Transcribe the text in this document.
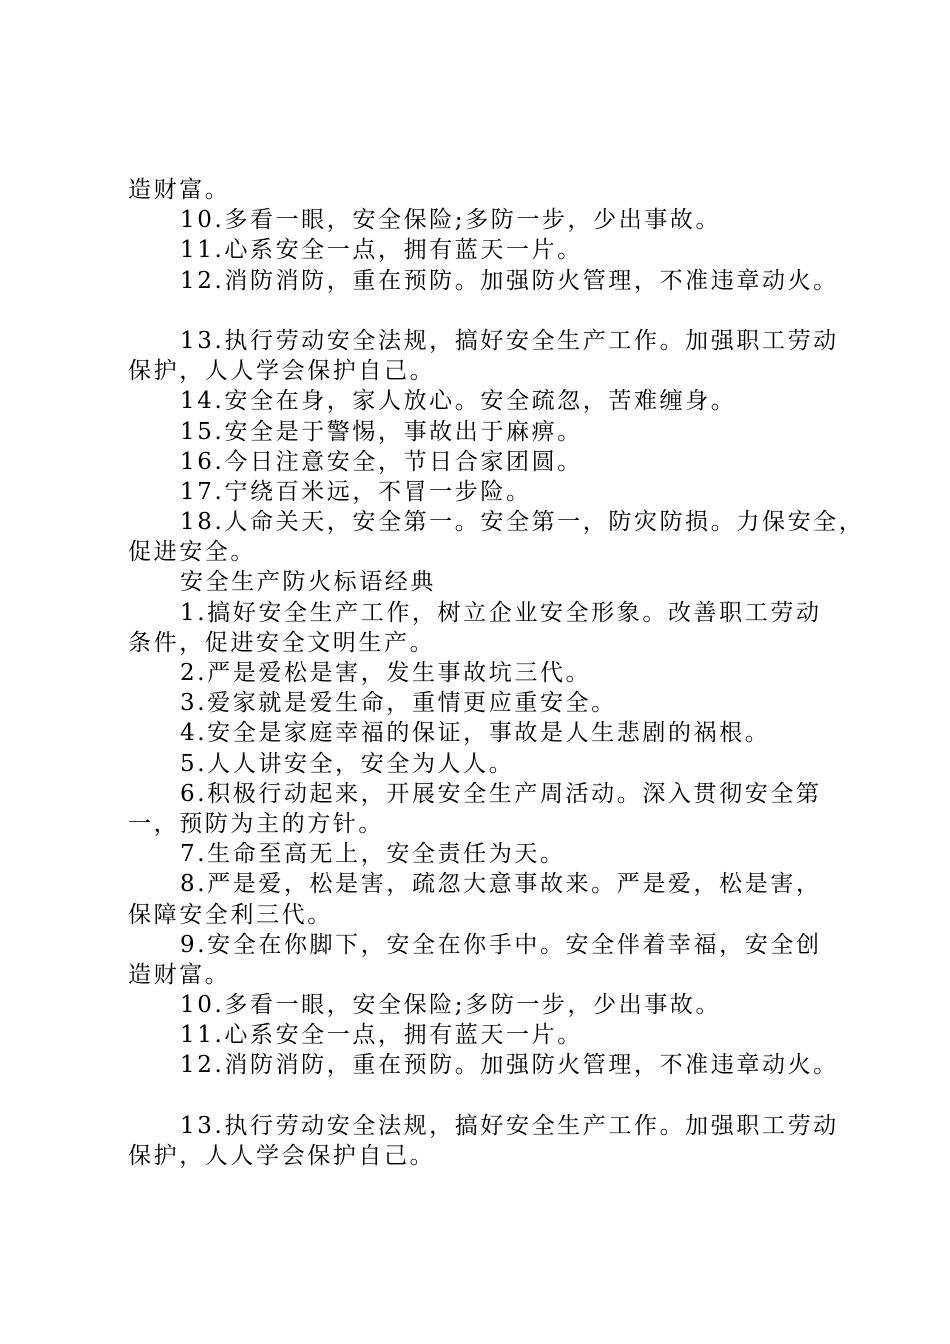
造财富。
10.多看一眼，安全保险;多防一步，少出事故。
11.心系安全一点，拥有蓝天一片。
12.消防消防，重在预防。加强防火管理，不准违章动火。
13.执行劳动安全法规，搞好安全生产工作。加强职工劳动
保护，人人学会保护自己。
14.安全在身，家人放心。安全疏忽，苦难缠身。
15.安全是于警惕，事故出于麻痹。
16.今日注意安全，节日合家团圆。
17.宁绕百米远，不冒一步险。
18.人命关天，安全第一。安全第一，防灾防损。力保安全，
促进安全。
安全生产防火标语经典
1.搞好安全生产工作，树立企业安全形象。改善职工劳动
条件，促进安全文明生产。
2.严是爱松是害，发生事故坑三代。
3.爱家就是爱生命，重情更应重安全。
4.安全是家庭幸福的保证，事故是人生悲剧的祸根。
5.人人讲安全，安全为人人。
6.积极行动起来，开展安全生产周活动。深入贯彻安全第
一，预防为主的方针。
7.生命至高无上，安全责任为天。
8.严是爱，松是害，疏忽大意事故来。严是爱，松是害，
保障安全利三代。
9.安全在你脚下，安全在你手中。安全伴着幸福，安全创
造财富。
10.多看一眼，安全保险;多防一步，少出事故。
11.心系安全一点，拥有蓝天一片。
12.消防消防，重在预防。加强防火管理，不准违章动火。
13.执行劳动安全法规，搞好安全生产工作。加强职工劳动
保护，人人学会保护自己。
